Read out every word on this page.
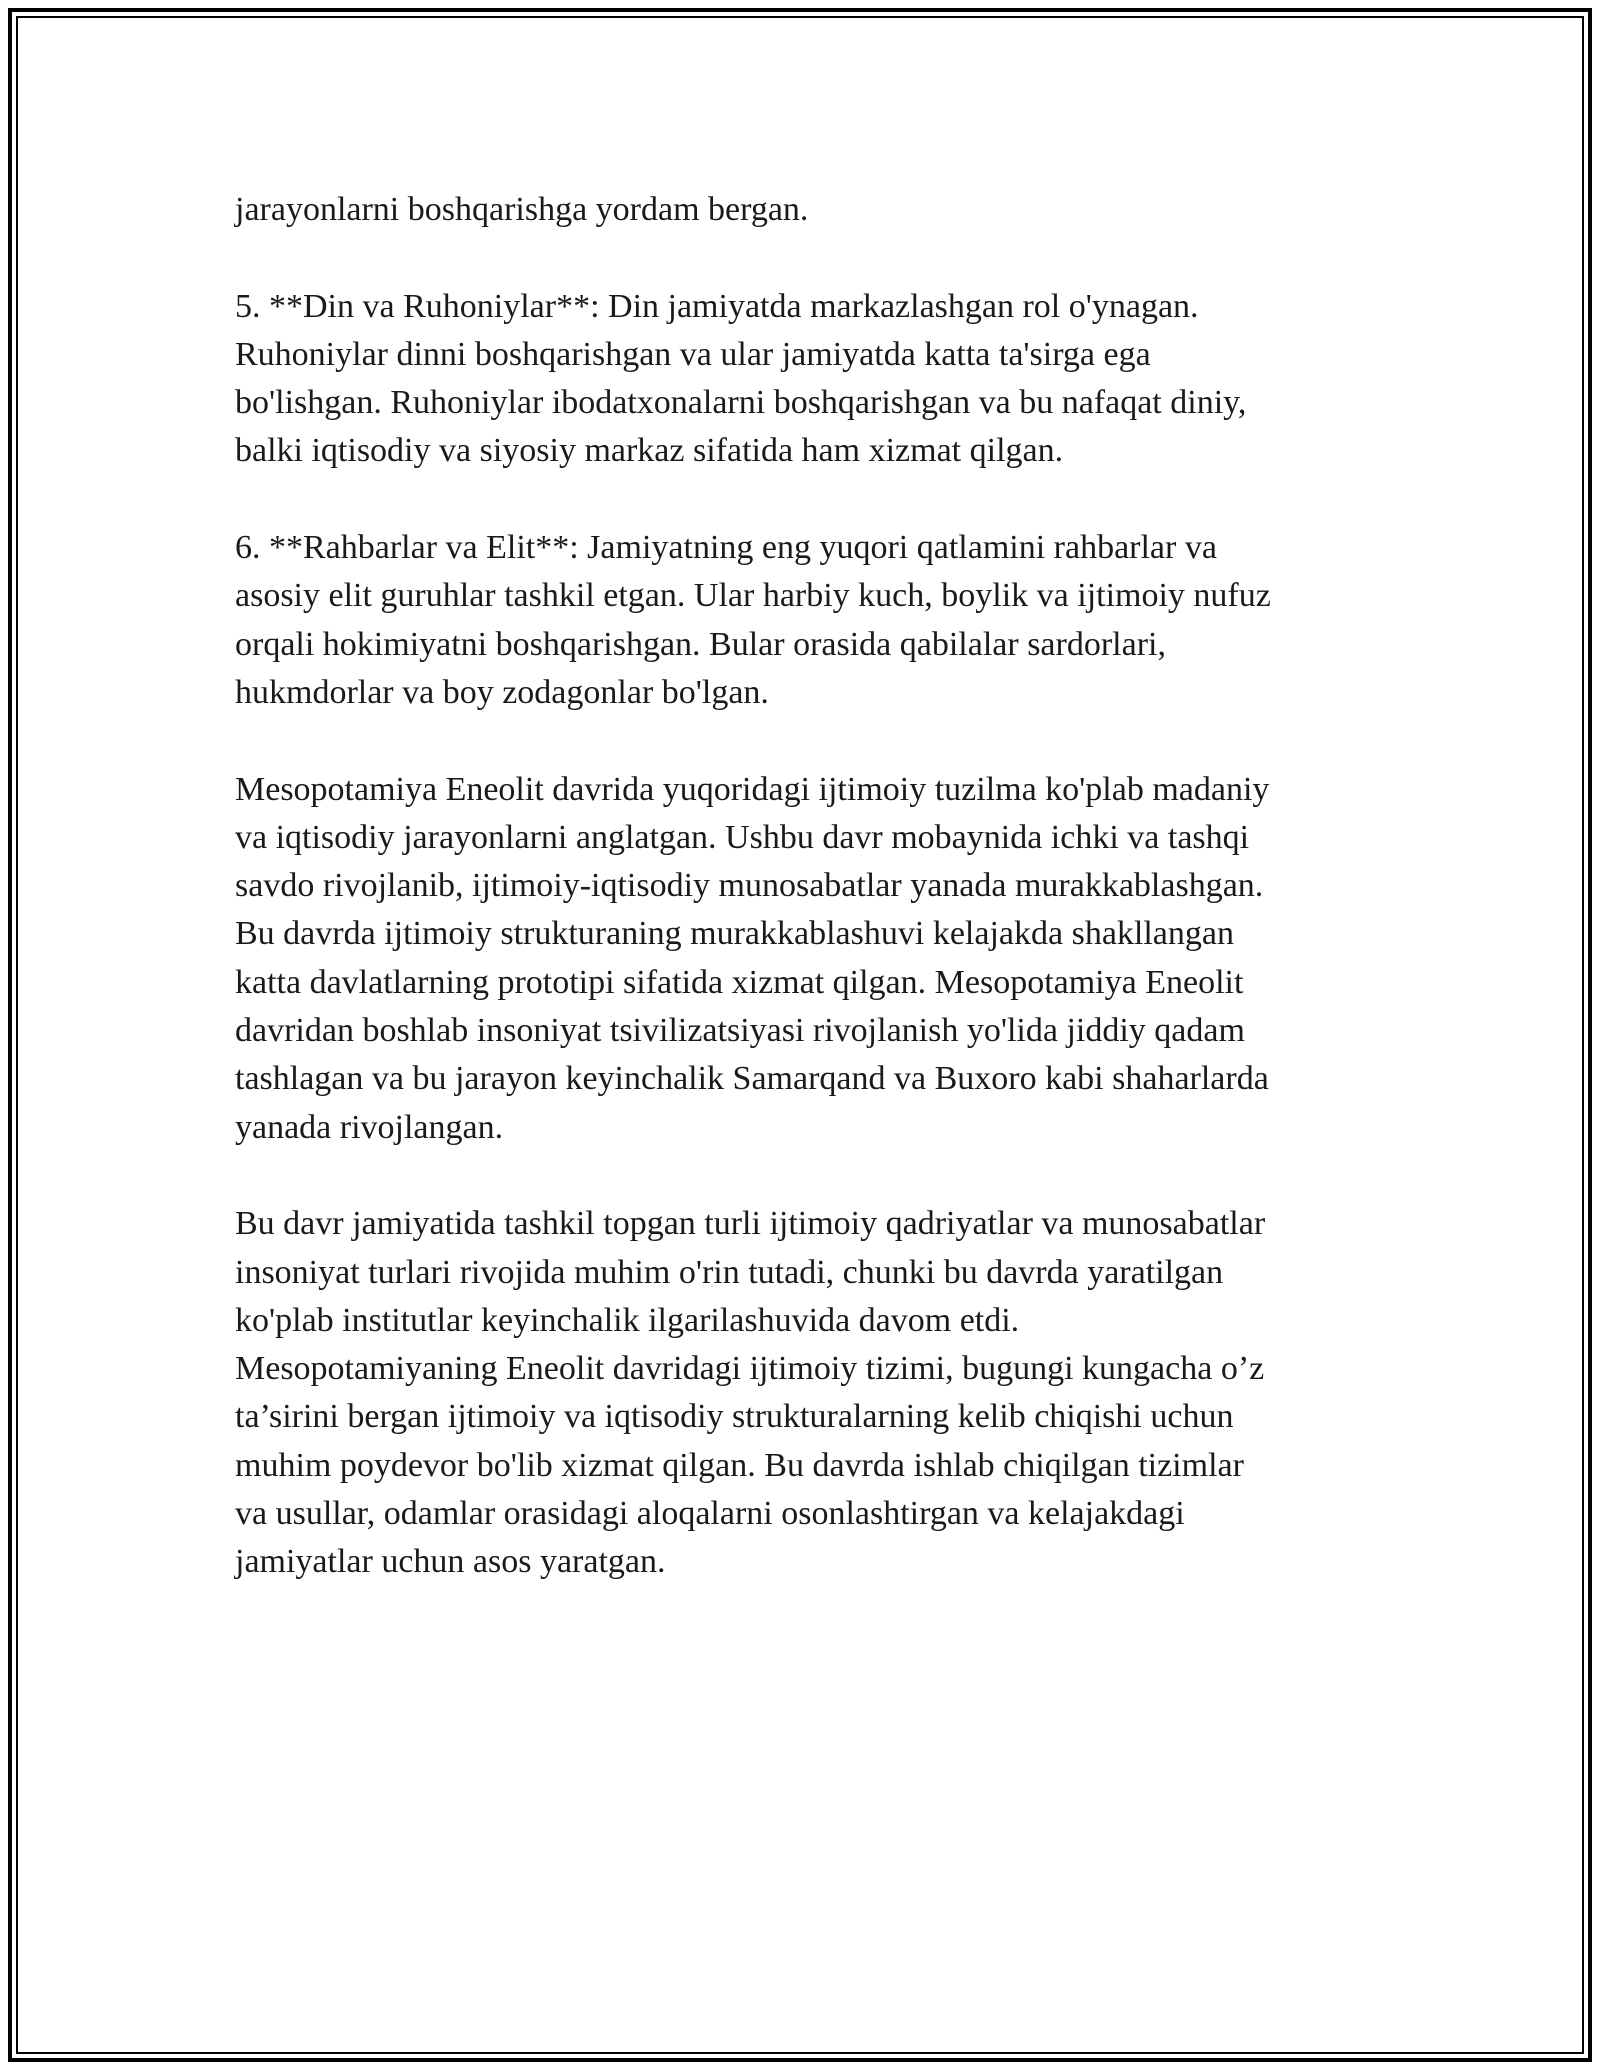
jarayonlarni boshqarishga yordam bergan.

5. **Din va Ruhoniylar**: Din jamiyatda markazlashgan rol o'ynagan.
Ruhoniylar dinni boshqarishgan va ular jamiyatda katta ta'sirga ega
bo'lishgan. Ruhoniylar ibodatxonalarni boshqarishgan va bu nafaqat diniy,
balki iqtisodiy va siyosiy markaz sifatida ham xizmat qilgan.

6. **Rahbarlar va Elit**: Jamiyatning eng yuqori qatlamini rahbarlar va
asosiy elit guruhlar tashkil etgan. Ular harbiy kuch, boylik va ijtimoiy nufuz
orqali hokimiyatni boshqarishgan. Bular orasida qabilalar sardorlari,
hukmdorlar va boy zodagonlar bo'lgan.

Mesopotamiya Eneolit davrida yuqoridagi ijtimoiy tuzilma ko'plab madaniy
va iqtisodiy jarayonlarni anglatgan. Ushbu davr mobaynida ichki va tashqi
savdo rivojlanib, ijtimoiy-iqtisodiy munosabatlar yanada murakkablashgan.
Bu davrda ijtimoiy strukturaning murakkablashuvi kelajakda shakllangan
katta davlatlarning prototipi sifatida xizmat qilgan. Mesopotamiya Eneolit
davridan boshlab insoniyat tsivilizatsiyasi rivojlanish yo'lida jiddiy qadam
tashlagan va bu jarayon keyinchalik Samarqand va Buxoro kabi shaharlarda
yanada rivojlangan.

Bu davr jamiyatida tashkil topgan turli ijtimoiy qadriyatlar va munosabatlar
insoniyat turlari rivojida muhim o'rin tutadi, chunki bu davrda yaratilgan
ko'plab institutlar keyinchalik ilgarilashuvida davom etdi.
Mesopotamiyaning Eneolit davridagi ijtimoiy tizimi, bugungi kungacha o’z
ta’sirini bergan ijtimoiy va iqtisodiy strukturalarning kelib chiqishi uchun
muhim poydevor bo'lib xizmat qilgan. Bu davrda ishlab chiqilgan tizimlar
va usullar, odamlar orasidagi aloqalarni osonlashtirgan va kelajakdagi
jamiyatlar uchun asos yaratgan.
